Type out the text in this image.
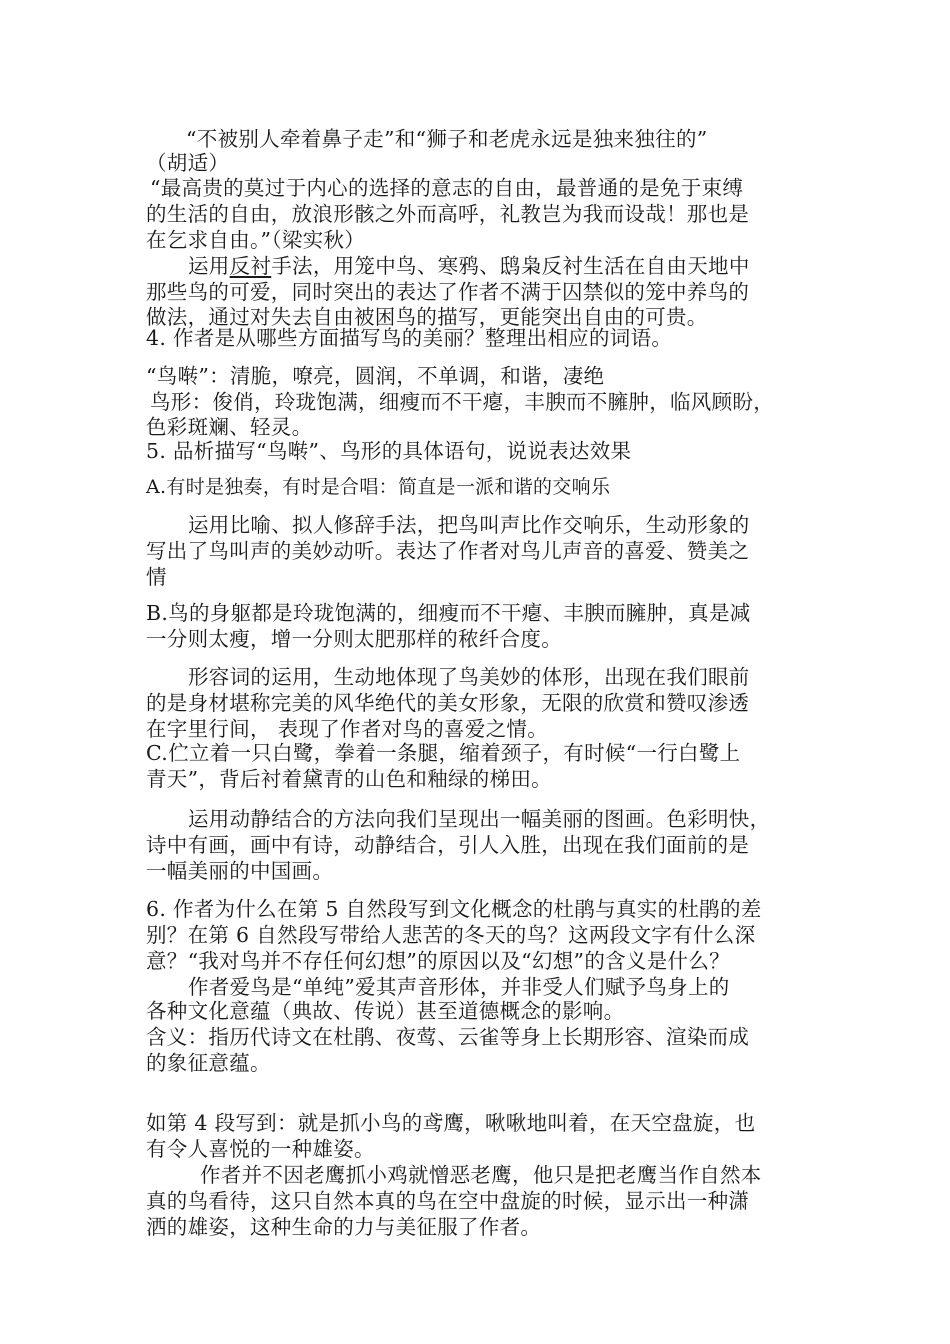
“不被别人牵着鼻子走”和“狮子和老虎永远是独来独往的”

（胡适）

“最高贵的莫过于内心的选择的意志的自由，最普通的是免于束缚

的生活的自由，放浪形骸之外而高呼，礼教岂为我而设哉！那也是

在乞求自由。”（梁实秋）

运用反衬手法，用笼中鸟、寒鸦、鸱枭反衬生活在自由天地中

那些鸟的可爱，同时突出的表达了作者不满于囚禁似的笼中养鸟的

做法，通过对失去自由被困鸟的描写，更能突出自由的可贵。

4. 作者是从哪些方面描写鸟的美丽？整理出相应的词语。

“鸟啭”：清脆，嘹亮，圆润，不单调，和谐，凄绝

鸟形：俊俏，玲珑饱满，细瘦而不干瘪，丰腴而不臃肿，临风顾盼，

色彩斑斓、轻灵。

5. 品析描写“鸟啭”、鸟形的具体语句，说说表达效果

A.有时是独奏，有时是合唱：简直是一派和谐的交响乐

运用比喻、拟人修辞手法，把鸟叫声比作交响乐，生动形象的

写出了鸟叫声的美妙动听。表达了作者对鸟儿声音的喜爱、赞美之

情

B.鸟的身躯都是玲珑饱满的，细瘦而不干瘪、丰腴而臃肿，真是减

一分则太瘦，增一分则太肥那样的秾纤合度。

形容词的运用，生动地体现了鸟美妙的体形，出现在我们眼前

的是身材堪称完美的风华绝代的美女形象，无限的欣赏和赞叹渗透

在字里行间， 表现了作者对鸟的喜爱之情。

C.伫立着一只白鹭，拳着一条腿，缩着颈子，有时候“一行白鹭上

青天”，背后衬着黛青的山色和釉绿的梯田。

运用动静结合的方法向我们呈现出一幅美丽的图画。色彩明快，

诗中有画，画中有诗，动静结合，引人入胜，出现在我们面前的是

一幅美丽的中国画。

6. 作者为什么在第 5 自然段写到文化概念的杜鹃与真实的杜鹃的差

别？在第 6 自然段写带给人悲苦的冬天的鸟？这两段文字有什么深

意？“我对鸟并不存任何幻想”的原因以及“幻想”的含义是什么？

作者爱鸟是“单纯”爱其声音形体，并非受人们赋予鸟身上的

各种文化意蕴（典故、传说）甚至道德概念的影响。

含义：指历代诗文在杜鹃、夜莺、云雀等身上长期形容、渲染而成

的象征意蕴。

如第 4 段写到：就是抓小鸟的鸢鹰，啾啾地叫着，在天空盘旋，也

有令人喜悦的一种雄姿。

作者并不因老鹰抓小鸡就憎恶老鹰，他只是把老鹰当作自然本

真的鸟看待，这只自然本真的鸟在空中盘旋的时候，显示出一种潇

洒的雄姿，这种生命的力与美征服了作者。
